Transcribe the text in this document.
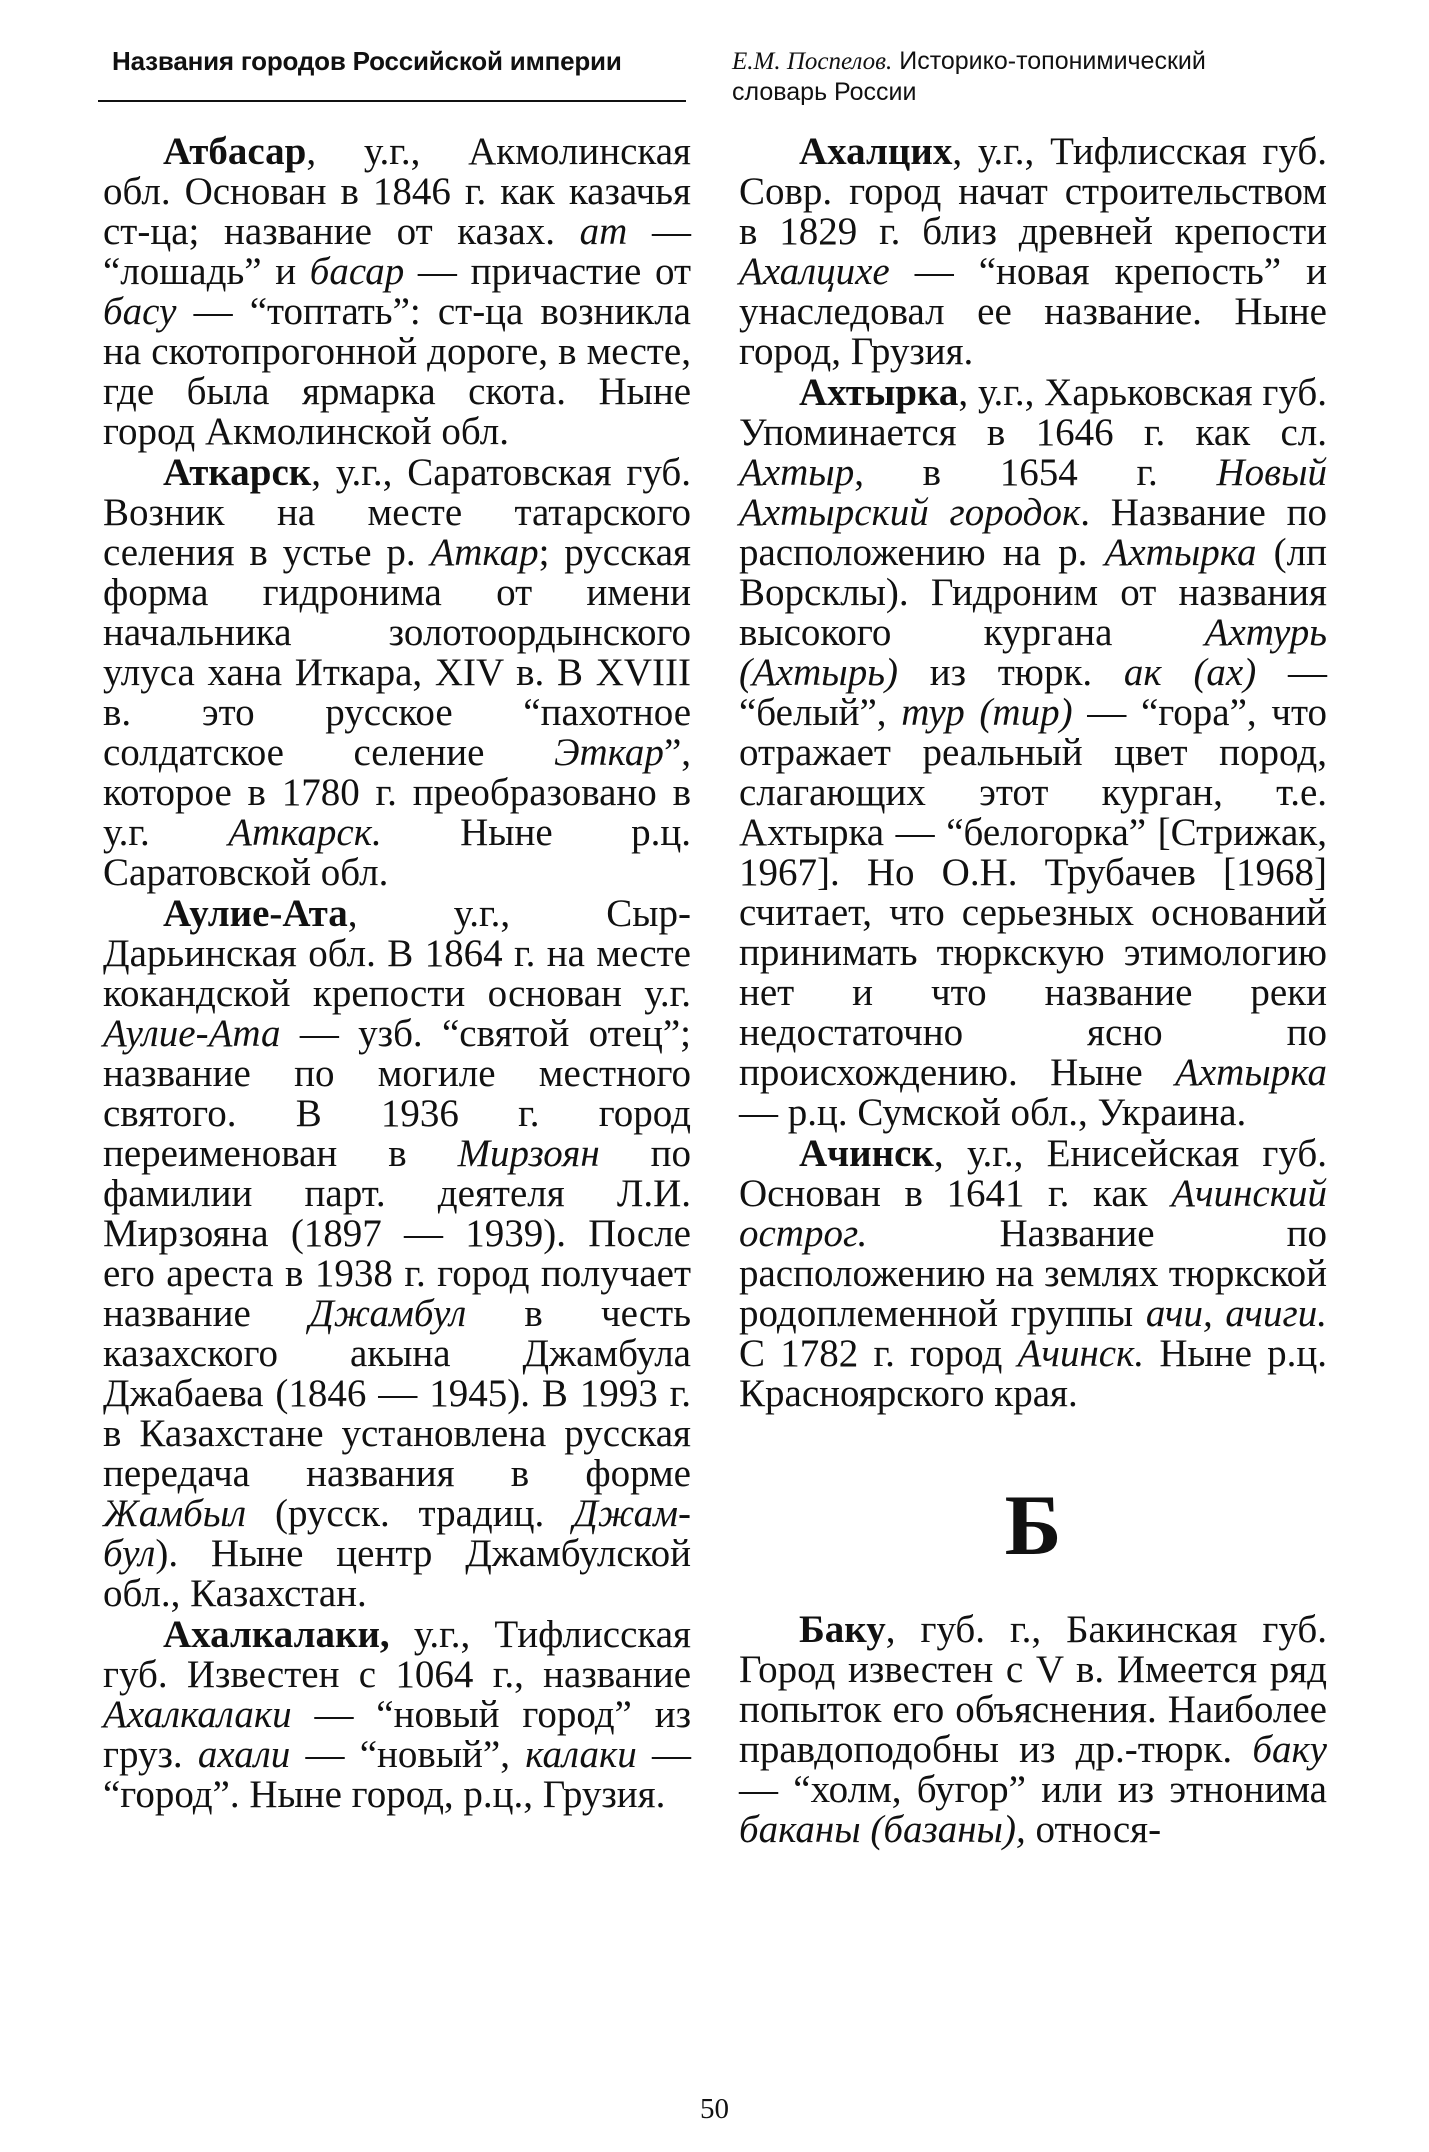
Названия городов Российской империи	Е.М. Поспелов. Историко-топонимический
словарь России

Атбасар, у.г., Акмолинская обл. Основан в 1846 г. как казачья ст-ца; название от казах. am — “лошадь” и басар — причастие от басу — “топтать”: ст-ца возникла на скотопрогонной дороге, в месте, где была ярмарка скота. Ныне город Акмолинской обл.

Аткарск, у.г., Саратовская губ. Возник на месте татарского селения в устье р. Аткар; русская форма гидронима от имени начальника золотоордынского улуса хана Иткара, XIV в. В XVIII в. это русское “пахотное солдатское селение Эткар”, которое в 1780 г. преобразовано в у.г. Аткарск. Ныне р.ц. Саратовской обл.

Аулие-Ата, у.г., Сыр-Дарьинская обл. В 1864 г. на месте кокандской крепости основан у.г. Аулие-Ата — узб. “святой отец”; название по могиле местного святого. В 1936 г. город переименован в Мирзоян по фамилии парт. деятеля Л.И. Мирзояна (1897 — 1939). После его ареста в 1938 г. город получает название Джамбул в честь казахского акына Джамбула Джабаева (1846 — 1945). В 1993 г. в Казахстане установлена русская передача названия в форме Жамбыл (русск. традиц. Джамбул). Ныне центр Джамбулской обл., Казахстан.

Ахалкалаки, у.г., Тифлисская губ. Известен с 1064 г., название Ахалкалаки — “новый город” из груз. ахали — “новый”, калаки — “город”. Ныне город, р.ц., Грузия.

Ахалцих, у.г., Тифлисская губ. Совр. город начат строительством в 1829 г. близ древней крепости Ахалцихе — “новая крепость” и унаследовал ее название. Ныне город, Грузия.

Ахтырка, у.г., Харьковская губ. Упоминается в 1646 г. как сл. Ахтыр, в 1654 г. Новый Ахтырский городок. Название по расположению на р. Ахтырка (лп Ворсклы). Гидроним от названия высокого кургана Ахтурь (Ахтырь) из тюрк. ак (ах) — “белый”, тур (тир) — “гора”, что отражает реальный цвет пород, слагающих этот курган, т.е. Ахтырка — “белогорка” [Стрижак, 1967]. Но О.Н. Трубачев [1968] считает, что серьезных оснований принимать тюркскую этимологию нет и что название реки недостаточно ясно по происхождению. Ныне Ахтырка — р.ц. Сумской обл., Украина.

Ачинск, у.г., Енисейская губ. Основан в 1641 г. как Ачинский острог. Название по расположению на землях тюркской родоплеменной группы ачи, ачиги. С 1782 г. город Ачинск. Ныне р.ц. Красноярского края.

Б

Баку, губ. г., Бакинская губ. Город известен с V в. Имеется ряд попыток его объяснения. Наиболее правдоподобны из др.-тюрк. баку — “холм, бугор” или из этнонима баканы (базаны), относя-

50
